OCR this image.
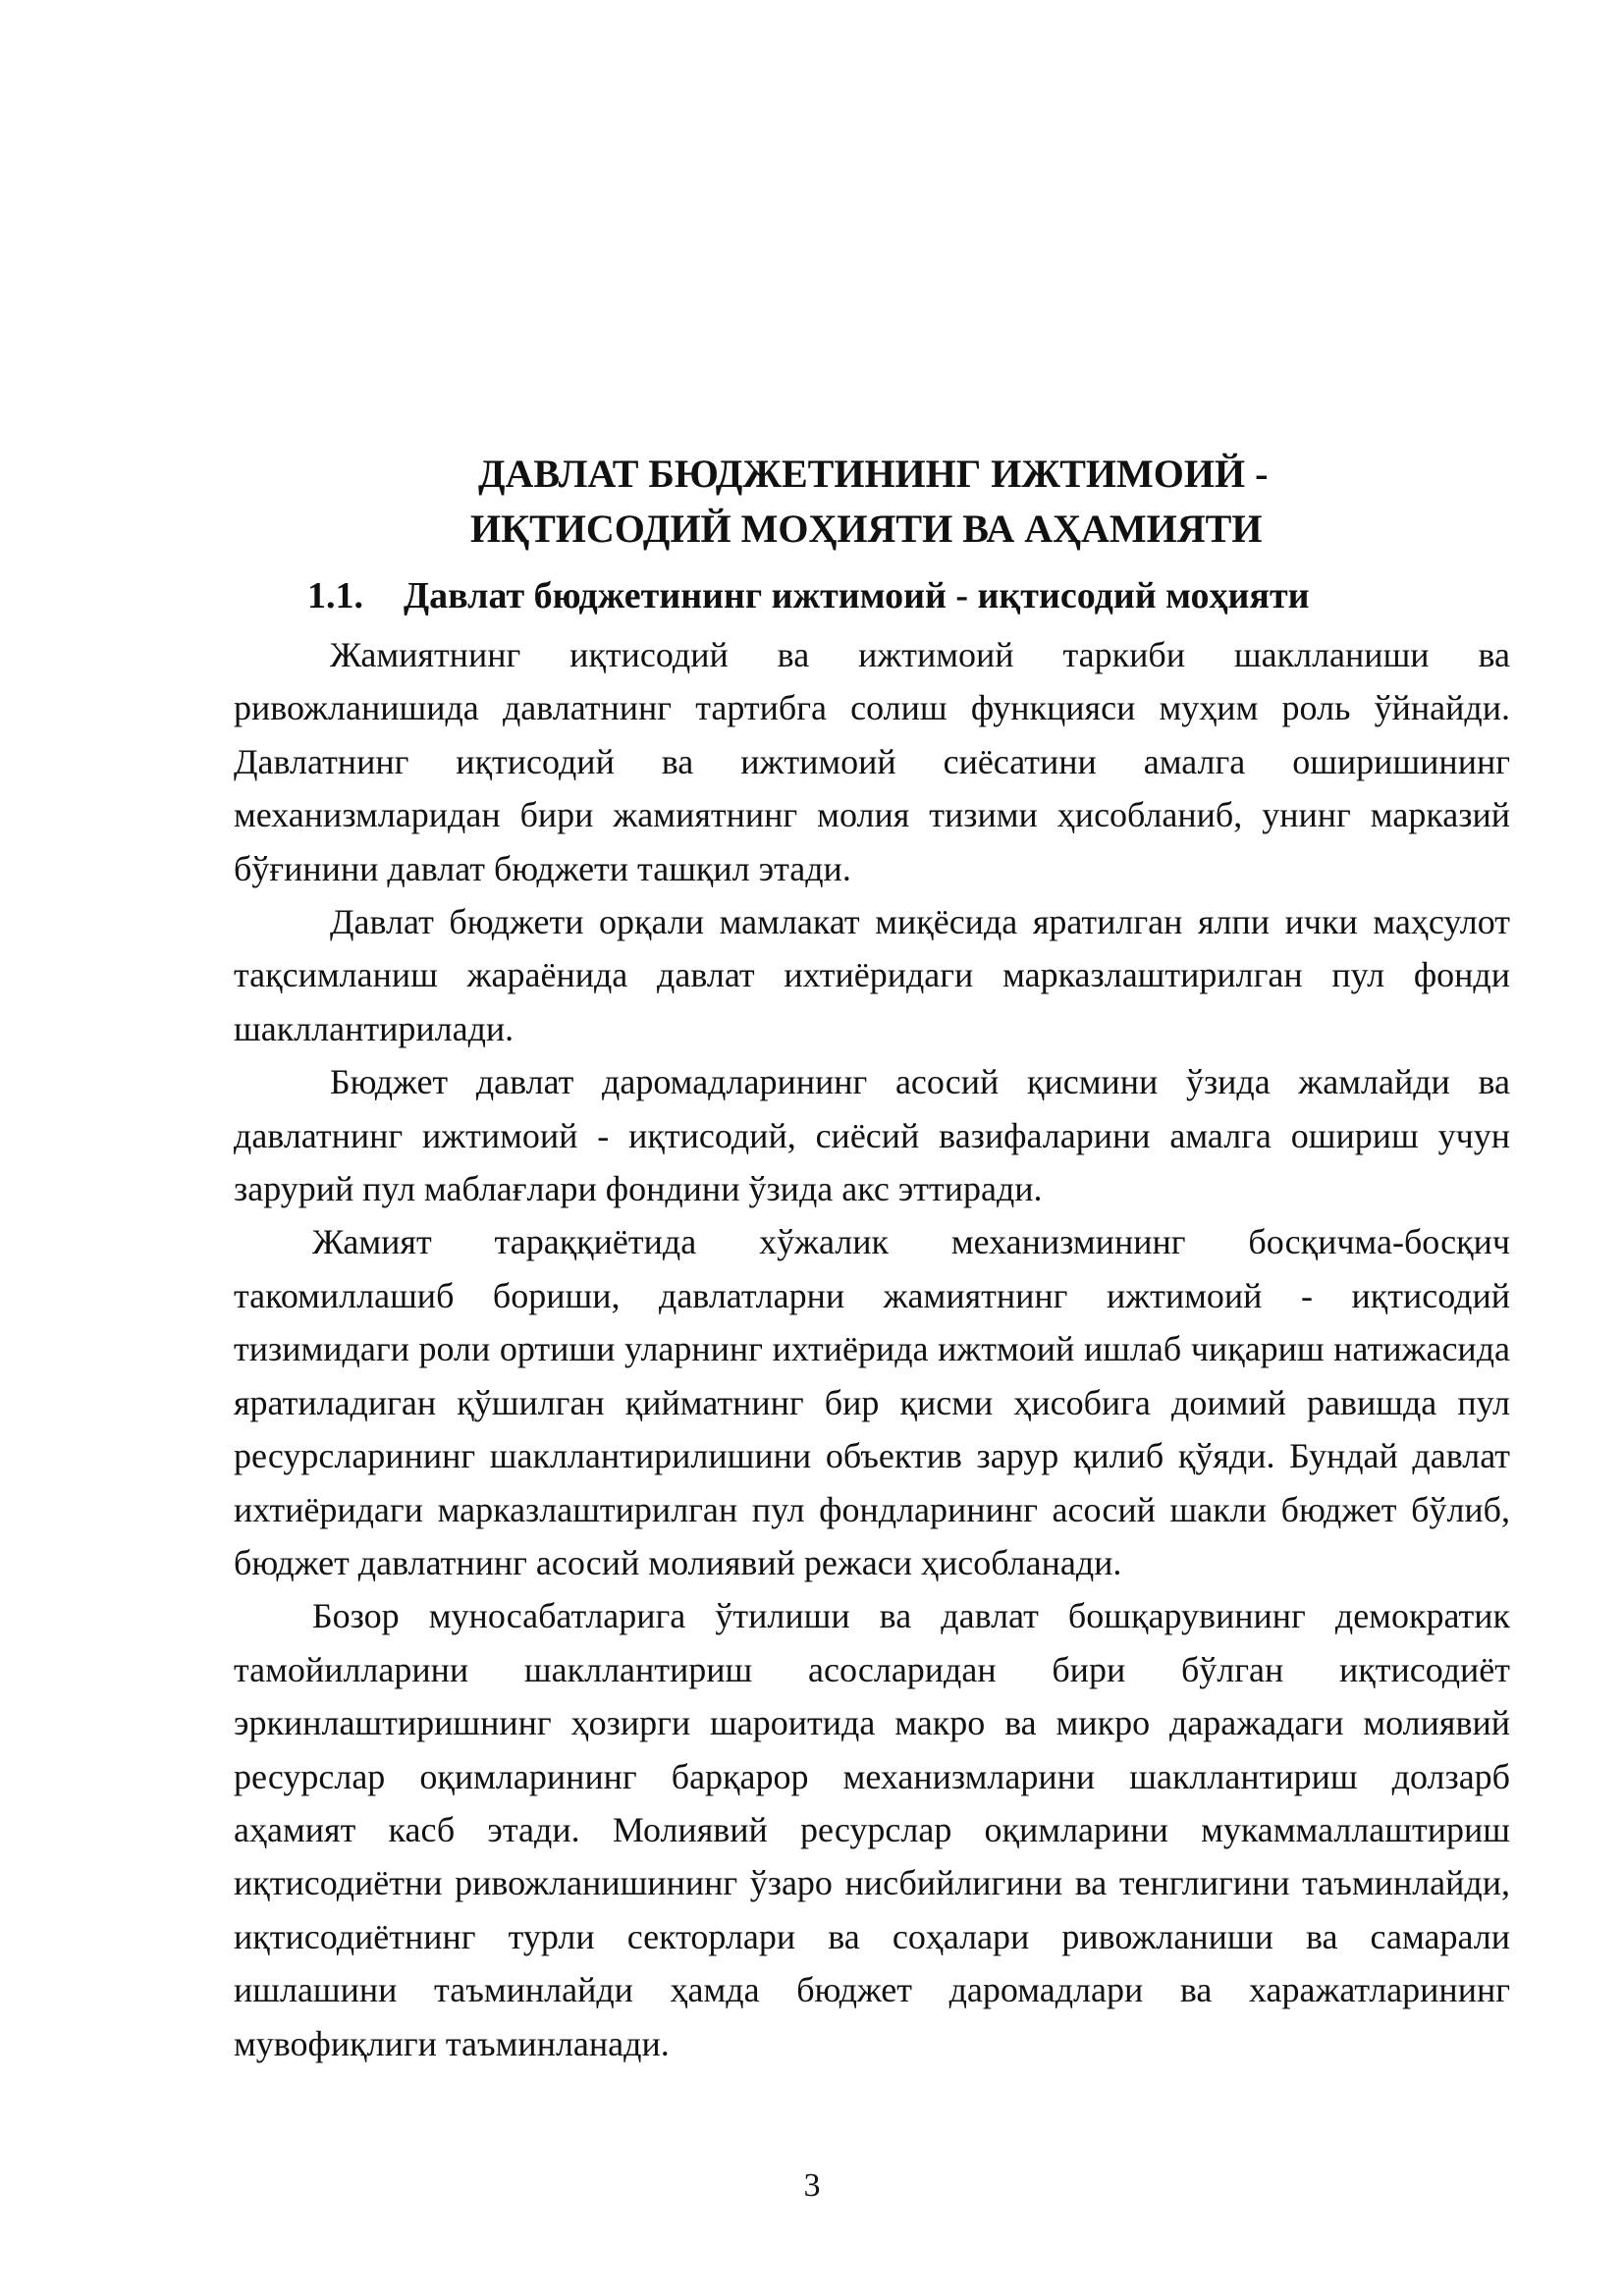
ДАВЛАТ БЮДЖЕТИНИНГ ИЖТИМОИЙ -
ИҚТИСОДИЙ МОҲИЯТИ ВА АҲАМИЯТИ
1.1. Давлат бюджетининг ижтимоий - иқтисодий моҳияти

Жамиятнинг иқтисодий ва ижтимоий таркиби шаклланиши ва ривожланишида давлатнинг тартибга солиш функцияси муҳим роль ўйнайди. Давлатнинг иқтисодий ва ижтимоий сиёсатини амалга оширишининг механизмларидан бири жамиятнинг молия тизими ҳисобланиб, унинг марказий бўғинини давлат бюджети ташқил этади.

Давлат бюджети орқали мамлакат миқёсида яратилган ялпи ички маҳсулот тақсимланиш жараёнида давлат ихтиёридаги марказлаштирилган пул фонди шакллантирилади.

Бюджет давлат даромадларининг асосий қисмини ўзида жамлайди ва давлатнинг ижтимоий - иқтисодий, сиёсий вазифаларини амалга ошириш учун зарурий пул маблағлари фондини ўзида акс эттиради.

Жамият тараққиётида хўжалик механизмининг босқичма-босқич такомиллашиб бориши, давлатларни жамиятнинг ижтимоий - иқтисодий тизимидаги роли ортиши уларнинг ихтиёрида ижтмоий ишлаб чиқариш натижасида яратиладиган қўшилган қийматнинг бир қисми ҳисобига доимий равишда пул ресурсларининг шакллантирилишини объектив зарур қилиб қўяди. Бундай давлат ихтиёридаги марказлаштирилган пул фондларининг асосий шакли бюджет бўлиб, бюджет давлатнинг асосий молиявий режаси ҳисобланади.

Бозор муносабатларига ўтилиши ва давлат бошқарувининг демократик тамойилларини шакллантириш асосларидан бири бўлган иқтисодиёт эркинлаштиришнинг ҳозирги шароитида макро ва микро даражадаги молиявий ресурслар оқимларининг барқарор механизмларини шакллантириш долзарб аҳамият касб этади. Молиявий ресурслар оқимларини мукаммаллаштириш иқтисодиётни ривожланишининг ўзаро нисбийлигини ва тенглигини таъминлайди, иқтисодиётнинг турли секторлари ва соҳалари ривожланиши ва самарали ишлашини таъминлайди ҳамда бюджет даромадлари ва харажатларининг мувофиқлиги таъминланади.

3
